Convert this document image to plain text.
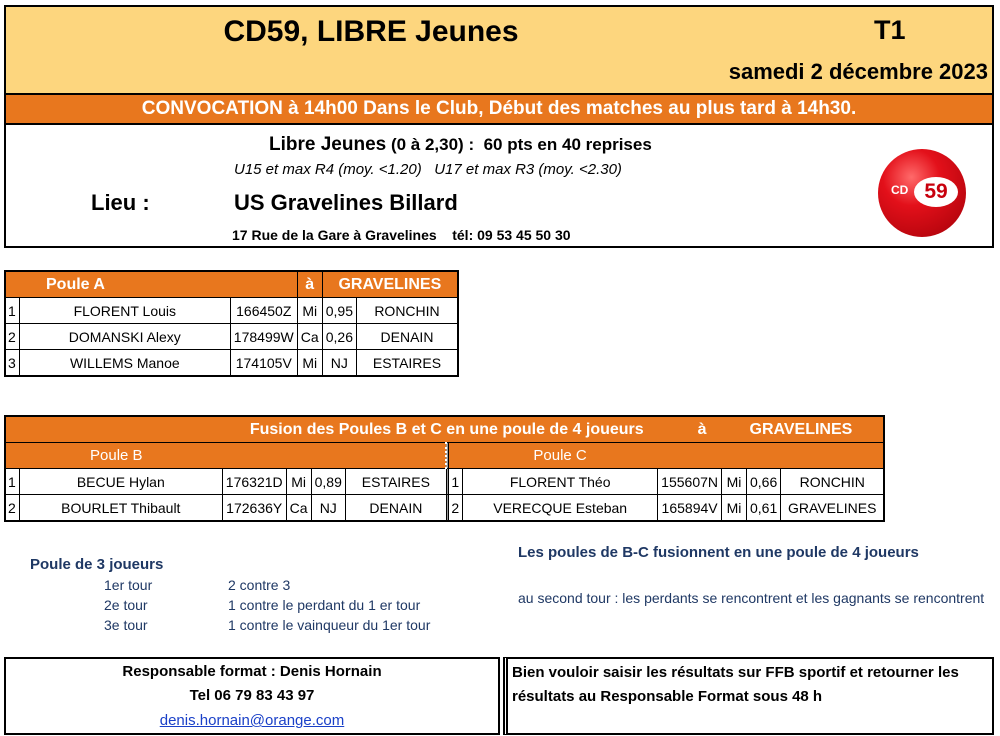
CD59, LIBRE Jeunes	T1
samedi 2 décembre 2023
CONVOCATION à 14h00 Dans le Club, Début des matches au plus tard à 14h30.
Libre Jeunes (0 à 2,30) : 60 pts en 40 reprises
U15 et max R4 (moy. <1.20)   U17 et max R3 (moy. <2.30)
Lieu :	US Gravelines Billard
17 Rue de la Gare à Gravelines    tél: 09 53 45 50 30
CD 59
Poule A			à	GRAVELINES	
1	FLORENT Louis	166450Z	Mi	0,95	RONCHIN
2	DOMANSKI Alexy	178499W	Ca	0,26	DENAIN
3	WILLEMS Manoe	174105V	Mi	NJ	ESTAIRES
Fusion des Poules B et C en une poule de 4 joueurs									à		GRAVELINES	
Poule B							Poule C					
1	BECUE Hylan	176321D	Mi	0,89	ESTAIRES		1	FLORENT Théo	155607N	Mi	0,66	RONCHIN
2	BOURLET Thibault	172636Y	Ca	NJ	DENAIN		2	VERECQUE Esteban	165894V	Mi	0,61	GRAVELINES
Poule de 3 joueurs
1er tour	2 contre 3
2e tour	1 contre le perdant du 1 er tour
3e tour	1 contre le vainqueur du 1er tour
Les poules de B-C fusionnent en une poule de 4 joueurs
au second tour : les perdants se rencontrent et les gagnants se rencontrent
Responsable format : Denis Hornain
Tel 06 79 83 43 97
denis.hornain@orange.com
Bien vouloir saisir les résultats sur FFB sportif et retourner les résultats au Responsable Format sous 48 h
